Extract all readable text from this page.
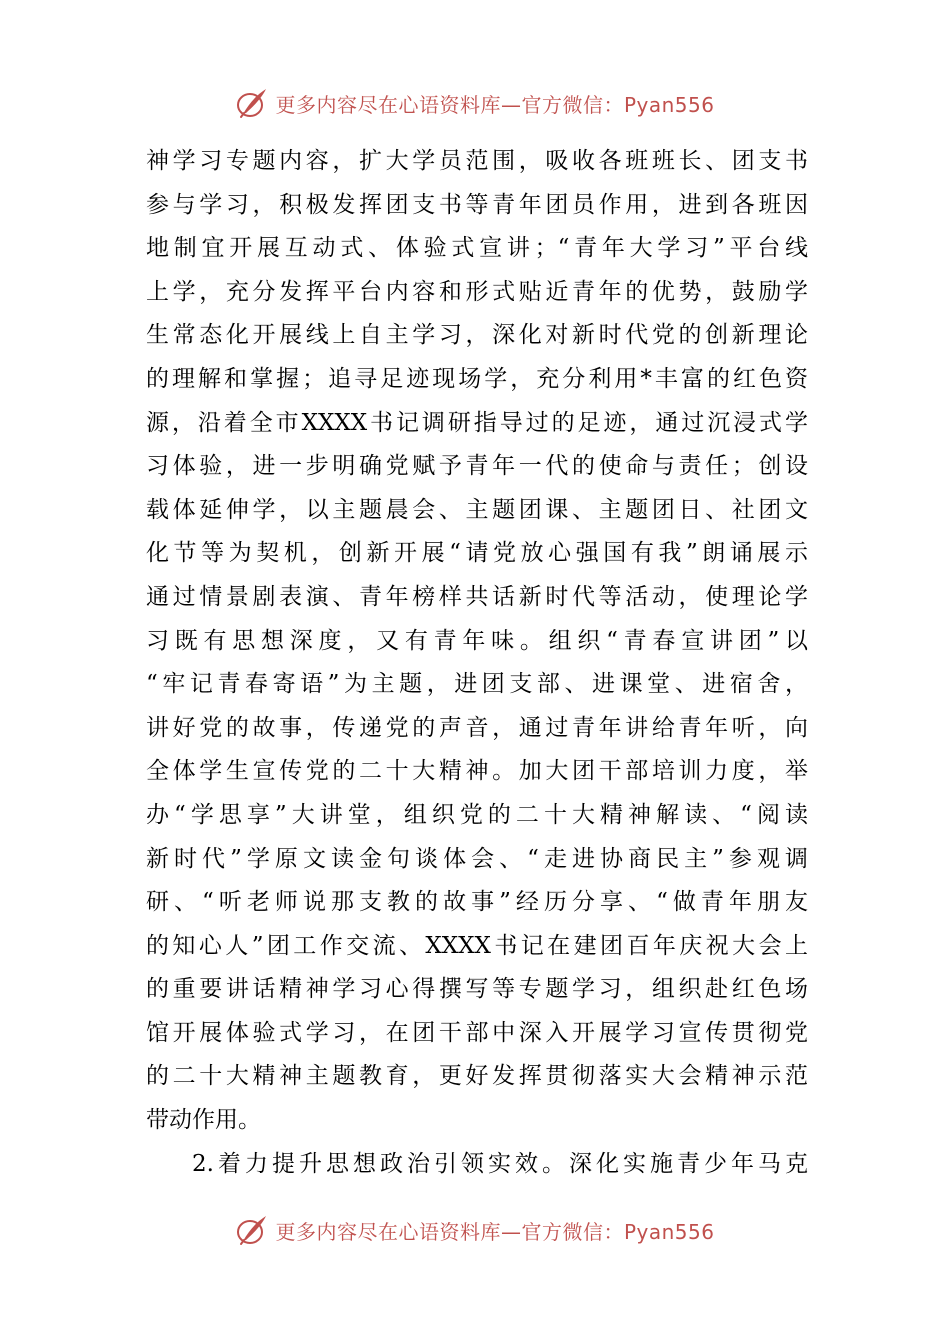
更多内容尽在心语资料库—官方微信：Pyan556
神学习专题内容，扩大学员范围，吸收各班班长、团支书
参与学习，积极发挥团支书等青年团员作用，进到各班因
地制宜开展互动式、体验式宣讲；“青年大学习”平台线
上学，充分发挥平台内容和形式贴近青年的优势，鼓励学
生常态化开展线上自主学习，深化对新时代党的创新理论
的理解和掌握；追寻足迹现场学，充分利用*丰富的红色资
源，沿着全市XXXX书记调研指导过的足迹，通过沉浸式学
习体验，进一步明确党赋予青年一代的使命与责任；创设
载体延伸学，以主题晨会、主题团课、主题团日、社团文
化节等为契机，创新开展“请党放心强国有我”朗诵展示
通过情景剧表演、青年榜样共话新时代等活动，使理论学
习既有思想深度，又有青年味。组织“青春宣讲团”以
“牢记青春寄语”为主题，进团支部、进课堂、进宿舍，
讲好党的故事，传递党的声音，通过青年讲给青年听，向
全体学生宣传党的二十大精神。加大团干部培训力度，举
办“学思享”大讲堂，组织党的二十大精神解读、“阅读
新时代”学原文读金句谈体会、“走进协商民主”参观调
研、“听老师说那支教的故事”经历分享、“做青年朋友
的知心人”团工作交流、XXXX书记在建团百年庆祝大会上
的重要讲话精神学习心得撰写等专题学习，组织赴红色场
馆开展体验式学习，在团干部中深入开展学习宣传贯彻党
的二十大精神主题教育，更好发挥贯彻落实大会精神示范
带动作用。
2.着力提升思想政治引领实效。深化实施青少年马克
更多内容尽在心语资料库—官方微信：Pyan556
